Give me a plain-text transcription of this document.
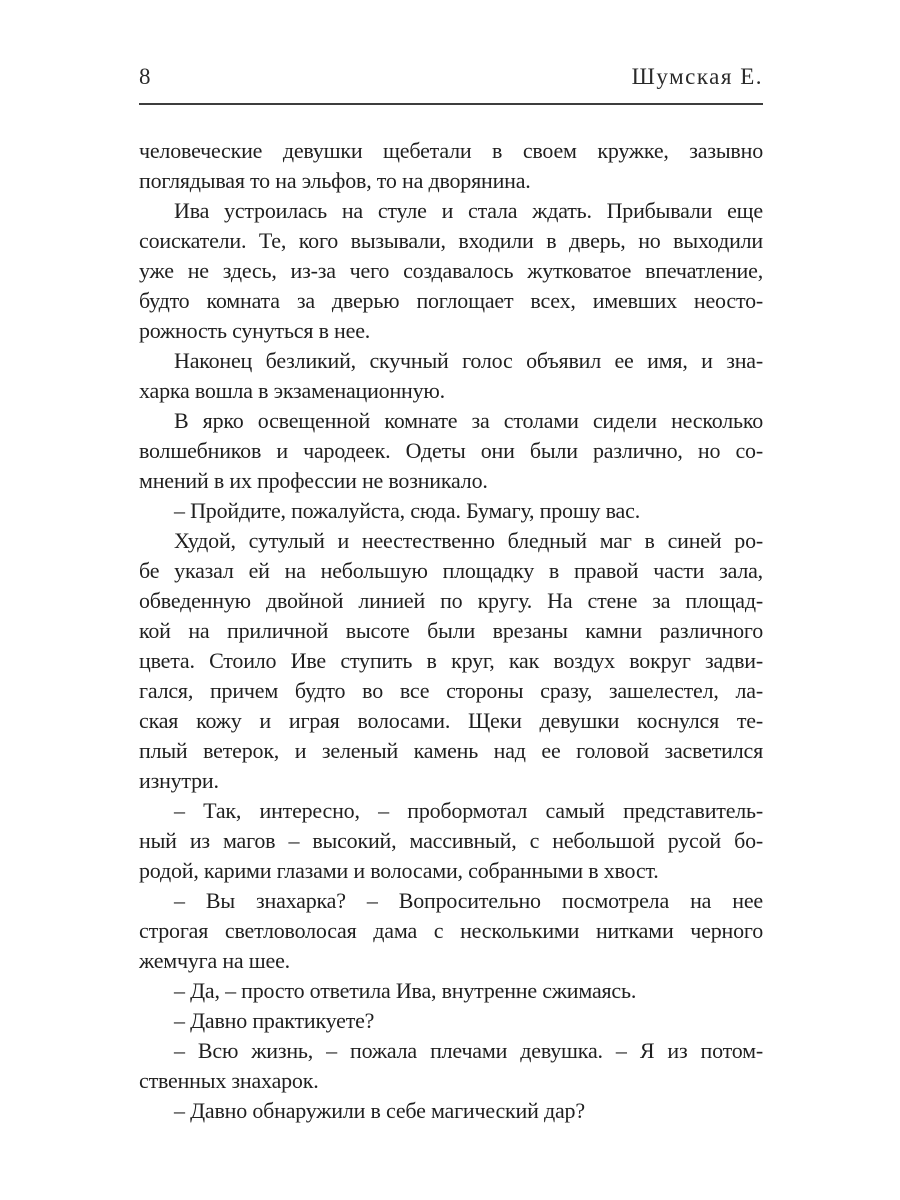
8	Шумская Е.

человеческие девушки щебетали в своем кружке, зазывно
поглядывая то на эльфов, то на дворянина.

Ива устроилась на стуле и стала ждать. Прибывали еще
соискатели. Те, кого вызывали, входили в дверь, но выходили
уже не здесь, из-за чего создавалось жутковатое впечатление,
будто комната за дверью поглощает всех, имевших неосто-
рожность сунуться в нее.

Наконец безликий, скучный голос объявил ее имя, и зна-
харка вошла в экзаменационную.

В ярко освещенной комнате за столами сидели несколько
волшебников и чародеек. Одеты они были различно, но со-
мнений в их профессии не возникало.

– Пройдите, пожалуйста, сюда. Бумагу, прошу вас.

Худой, сутулый и неестественно бледный маг в синей ро-
бе указал ей на небольшую площадку в правой части зала,
обведенную двойной линией по кругу. На стене за площад-
кой на приличной высоте были врезаны камни различного
цвета. Стоило Иве ступить в круг, как воздух вокруг задви-
гался, причем будто во все стороны сразу, зашелестел, ла-
ская кожу и играя волосами. Щеки девушки коснулся те-
плый ветерок, и зеленый камень над ее головой засветился
изнутри.

– Так, интересно, – пробормотал самый представитель-
ный из магов – высокий, массивный, с небольшой русой бо-
родой, карими глазами и волосами, собранными в хвост.

– Вы знахарка? – Вопросительно посмотрела на нее
строгая светловолосая дама с несколькими нитками черного
жемчуга на шее.

– Да, – просто ответила Ива, внутренне сжимаясь.

– Давно практикуете?

– Всю жизнь, – пожала плечами девушка. – Я из потом-
ственных знахарок.

– Давно обнаружили в себе магический дар?
